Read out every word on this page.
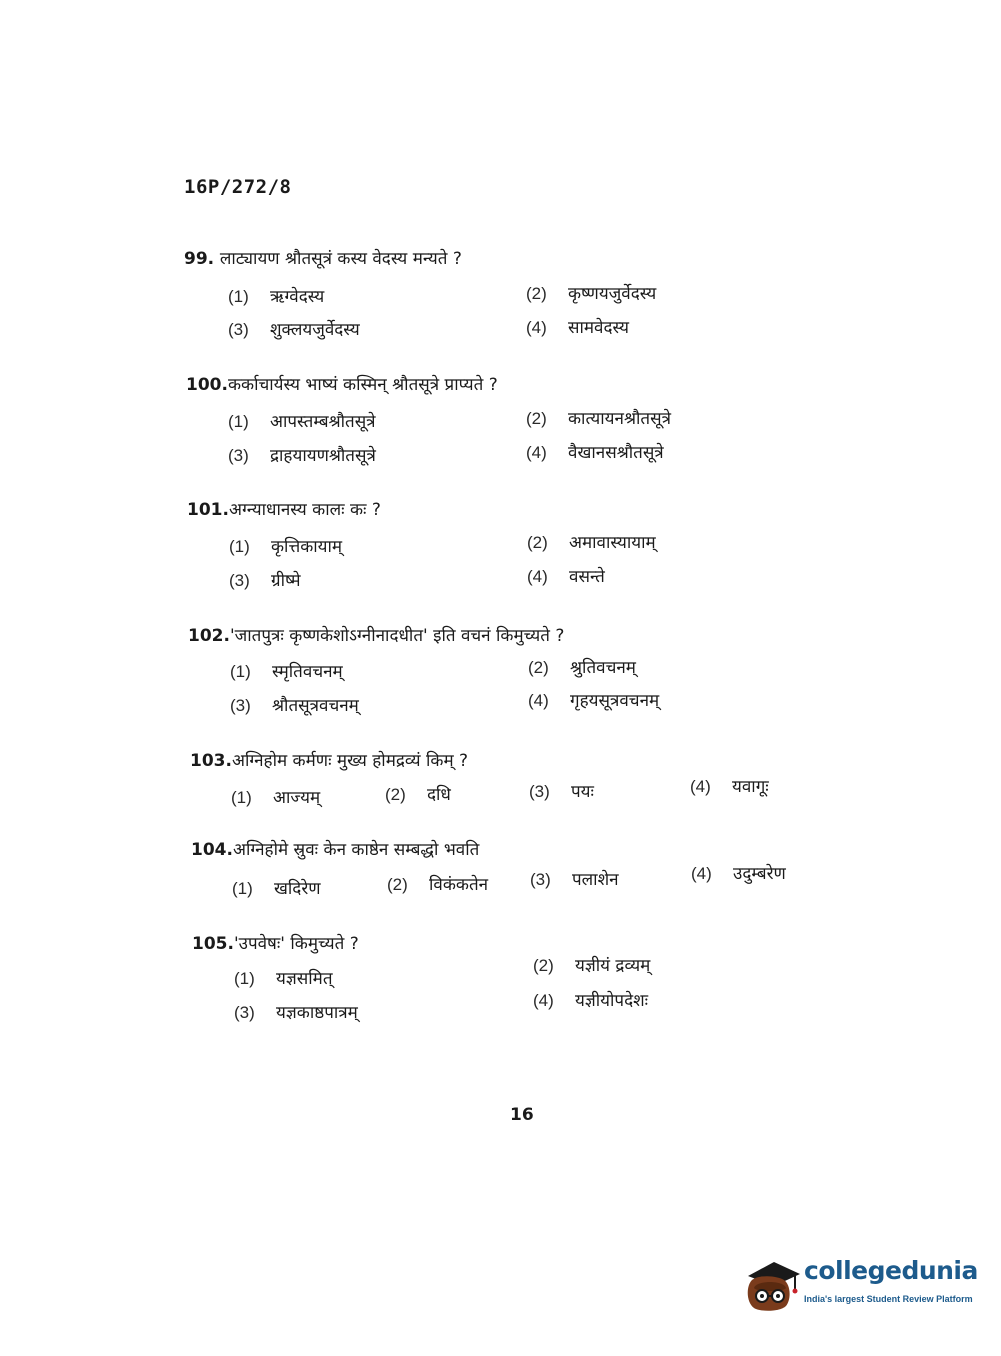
16P/272/8
99. लाट्यायण श्रौतसूत्रं कस्य वेदस्य मन्यते ?
(1) ऋग्वेदस्य	(2) कृष्णयजुर्वेदस्य
(3) शुक्लयजुर्वेदस्य	(4) सामवेदस्य
100.कर्काचार्यस्य भाष्यं कस्मिन् श्रौतसूत्रे प्राप्यते ?
(1) आपस्तम्बश्रौतसूत्रे	(2) कात्यायनश्रौतसूत्रे
(3) द्राहयायणश्रौतसूत्रे	(4) वैखानसश्रौतसूत्रे
101.अग्न्याधानस्य कालः कः ?
(1) कृत्तिकायाम्	(2) अमावास्यायाम्
(3) ग्रीष्मे	(4) वसन्ते
102.'जातपुत्रः कृष्णकेशोऽग्नीनादधीत' इति वचनं किमुच्यते ?
(1) स्मृतिवचनम्	(2) श्रुतिवचनम्
(3) श्रौतसूत्रवचनम्	(4) गृहयसूत्रवचनम्
103.अग्निहोम कर्मणः मुख्य होमद्रव्यं किम् ?
(1) आज्यम्	(2) दधि	(3) पयः	(4) यवागूः
104.अग्निहोमे स्रुवः केन काष्ठेन सम्बद्धो भवति
(1) खदिरेण	(2) विकंकतेन (3) पलाशेन	(4) उदुम्बरेण
105.'उपवेषः' किमुच्यते ?
(1) यज्ञसमित्
(2) यज्ञीयं द्रव्यम्
(3) यज्ञकाष्ठपात्रम्
(4) यज्ञीयोपदेशः
16
collegedunia
India's largest Student Review Platform
